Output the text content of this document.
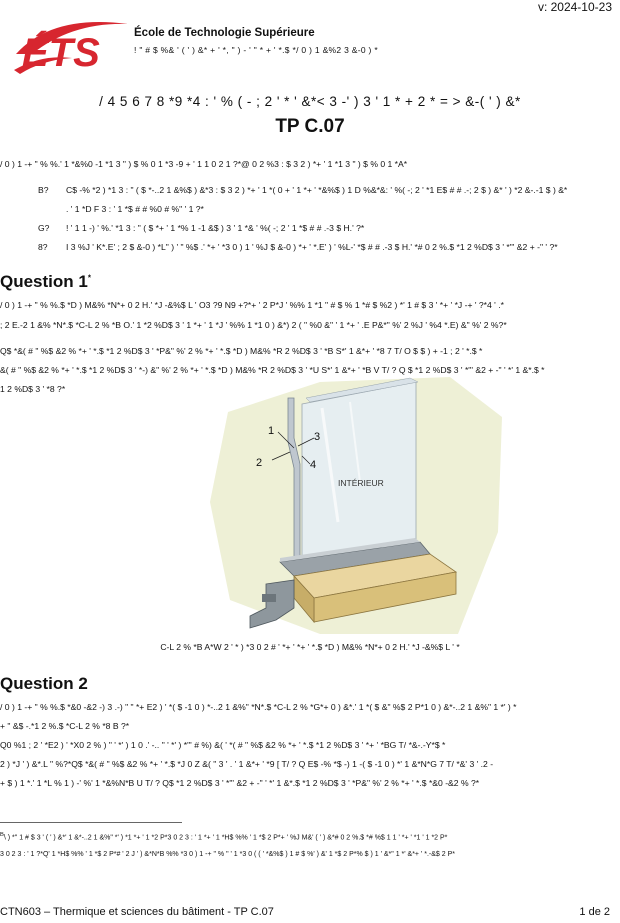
v: 2024-10-23
ÉTS	École de Technologie Supérieure
! " # $ %& ' ( ' ) &* + ' *, " ) - ' " * + ' *.$ */ 0 ) 1 &%2 3 &-0 ) *
/ 4 5 6 7 8 *9 *4 : ' % ( - ; 2 ' * ' &*< 3 -' ) 3 ' 1 * + 2 * = > &-( ' ) &*
TP C.07
/ 0 ) 1 -+ " % %.' 1 *&%0 -1 *1 3 " ) $ % 0 1 *3 -9 + ' 1 1 0 2 1 ?*@ 0 2 %3 : $ 3 2 ) *+ ' 1 *1 3 " ) $ % 0 1 *A*
B? C$ -% *2 ) *1 3 : " ( $ *-..2 1 &%$ ) &*3 : $ 3 2 ) *+ ' 1 *( 0 + ' 1 *+ ' *&%$ ) 1 D %&*&: ' %( -; 2 ' *1 E$ # # .-; 2 $ ) &* ' ) *2 &-.-1 $ ) &*
. ' 1 *D F 3 : ' 1 *$ # # %0 # %" ' 1 ?*
G? ! ' 1 1 -) ' %.' *1 3 : " ( $ *+ ' 1 *% 1 -1 &$ ) 3 ' 1 *& ' %( -; 2 ' 1 *$ # # .-3 $ H.' ?*
8? I 3 %J ' K*.E' ; 2 $ &-0 ) *L" ) ' " %$ .' *+ ' *3 0 ) 1 ' %J $ &-0 ) *+ ' *.E' ) ' %L-' *$ # # .-3 $ H.' *# 0 2 %.$ *1 2 %D$ 3 ' *"' &2 + -" ' ?*
Question 1*
/ 0 ) 1 -+ " % %.$ *D ) M&% *N*+ 0 2 H.' *J -&%$ L ' O3 ?9 N9 +?*+ ' 2 P*J ' %% 1 *1 " # $ % 1 *# $ %2 ) *' 1 # $ 3 ' *+ ' *J -+ ' ?*4 ' .*
; 2 E.-2 1 &% *N*.$ *C-L 2 % *B O.' 1 *2 %D$ 3 ' 1 *+ ' 1 *J ' %% 1 *1 0 ) &*) 2 ( " %0 &" ' 1 *+ ' .E P&*" %' 2 %J ' %4 *.E) &" %' 2 %?*
Q$ *&( # " %$ &2 % *+ ' *.$ *1 2 %D$ 3 ' *P&" %' 2 % *+ ' *.$ *D ) M&% *R 2 %D$ 3 ' *B S*' 1 &*+ ' *8 7 T/ O $ $ ) + -1 ; 2 ' *.$ *
&( # " %$ &2 % *+ ' *.$ *1 2 %D$ 3 ' *-) &" %' 2 % *+ ' *.$ *D ) M&% *R 2 %D$ 3 ' *U S*' 1 &*+ ' *B V T/ ? Q $ *1 2 %D$ 3 ' *"' &2 + -" ' *' 1 &*.$ *
1 2 %D$ 3 ' *8 ?*
1
2
3
4
INTÉRIEUR
C-L 2 % *B A*W 2 ' * ) *3 0 2 # ' *+ ' *+ ' *.$ *D ) M&% *N*+ 0 2 H.' *J -&%$ L ' *
Question 2
/ 0 ) 1 -+ " % %.$ *&0 -&2 -) 3 .-) " " *+ E2 ) ' *( $ -1 0 ) *-..2 1 &%" *N*.$ *C-L 2 % *G*+ 0 ) &*.' 1 *( $ &" %$ 2 P*1 0 ) &*-..2 1 &%" 1 *' ) *
+ " &$ -.*1 2 %.$ *C-L 2 % *8 B ?*
Q0 %1 ; 2 ' *E2 ) ' *X0 2 % ) " ' *' ) 1 0 .' -.. " ' *' ) *"' # %) &( ' *( # " %$ &2 % *+ ' *.$ *1 2 %D$ 3 ' *+ ' *BG T/ *&-.-Y*$ *
2 ) *J ' ) &*.L " %?*Q$ *&( # " %$ &2 % *+ ' *.$ *J 0 Z &( " 3 ' . ' 1 &*+ ' *9 [ T/ ? Q E$ -% *$ -) 1 -( $ -1 0 ) *' 1 &*N*G 7 T/ *&' 3 ' .2 -
+ $ ) 1 *.' 1 *L % 1 ) -' %' 1 *&%N*B U T/ ? Q$ *1 2 %D$ 3 ' *"' &2 + -" ' *' 1 &*.$ *1 2 %D$ 3 ' *P&" %' 2 % *+ ' *.$ *&0 -&2 % ?*
$^B$\ ) *" 1 # $ 3 ' ( ' ) &*' 1 &*-..2 1 &%" *' ) *1 *+ ' 1 *2 P*3 0 2 3 : ' 1 *+ ' 1 *H$ %% ' 1 *$ 2 P*+ ' %J M&' ( ' ) &*# 0 2 %.$ *# %$ 1 1 ' *+ ' *1 ' 1 *2 P*
3 0 2 3 : ' 1 ?*Q' 1 *H$ %% ' 1 *$ 2 P*# ' 2 J ' ) &*N*B %% *3 0 ) 1 -+ " % " ' 1 *3 0 ( ( ' *&%$ ) 1 # $ %' ) &' 1 *$ 2 P*% $ ) 1 ' &*" 1 *' &*+ ' *.-&$ 2 P*
CTN603 – Thermique et sciences du bâtiment - TP C.07	1 de 2
